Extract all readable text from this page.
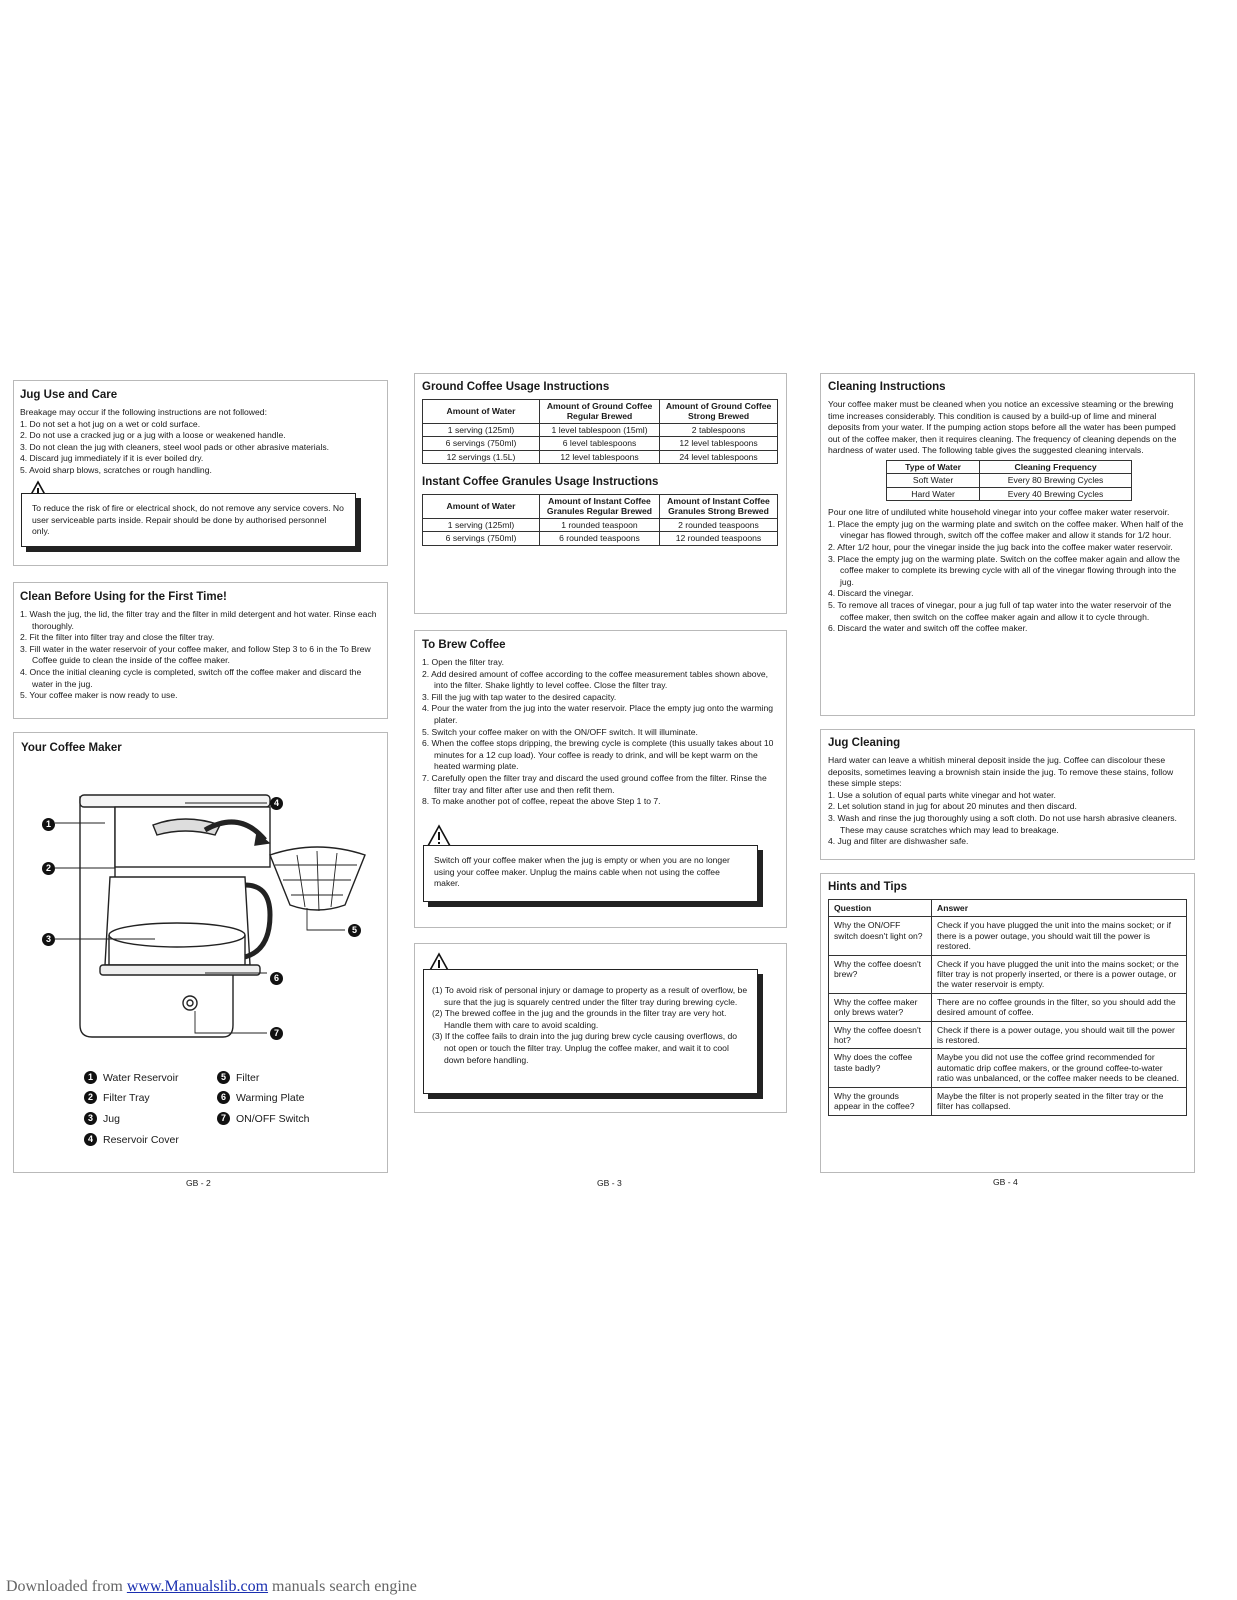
Jug Use and Care

Breakage may occur if the following instructions are not followed:

1. Do not set a hot jug on a wet or cold surface.
2. Do not use a cracked jug or a jug with a loose or weakened handle.
3. Do not clean the jug with cleaners, steel wool pads or other abrasive materials.
4. Discard jug immediately if it is ever boiled dry.
5. Avoid sharp blows, scratches or rough handling.
To reduce the risk of fire or electrical shock, do not remove any service covers. No user serviceable parts inside. Repair should be done by authorised personnel only.
Clean Before Using for the First Time!
1. Wash the jug, the lid, the filter tray and the filter in mild detergent and hot water. Rinse each thoroughly.
2. Fit the filter into filter tray and close the filter tray.
3. Fill water in the water reservoir of your coffee maker, and follow Step 3 to 6 in the To Brew Coffee guide to clean the inside of the coffee maker.
4. Once the initial cleaning cycle is completed, switch off the coffee maker and discard the water in the jug.
5. Your coffee maker is now ready to use.
Your Coffee Maker
1
2
3
4
5
6
7
1 Water Reservoir
2 Filter Tray
3 Jug
4 Reservoir Cover
5 Filter
6 Warming Plate
7 ON/OFF Switch
GB - 2
Ground Coffee Usage Instructions
Amount of Water	Amount of Ground Coffee Regular Brewed	Amount of Ground Coffee Strong Brewed
1 serving (125ml)	1 level tablespoon (15ml)	2 tablespoons
6 servings (750ml)	6 level tablespoons	12 level tablespoons
12 servings (1.5L)	12 level tablespoons	24 level tablespoons
Instant Coffee Granules Usage Instructions
Amount of Water	Amount of Instant Coffee Granules Regular Brewed	Amount of Instant Coffee Granules Strong Brewed
1 serving (125ml)	1 rounded teaspoon	2 rounded teaspoons
6 servings (750ml)	6 rounded teaspoons	12 rounded teaspoons
To Brew Coffee
1. Open the filter tray.
2. Add desired amount of coffee according to the coffee measurement tables shown above, into the filter. Shake lightly to level coffee. Close the filter tray.
3. Fill the jug with tap water to the desired capacity.
4. Pour the water from the jug into the water reservoir. Place the empty jug onto the warming plater.
5. Switch your coffee maker on with the ON/OFF switch. It will illuminate.
6. When the coffee stops dripping, the brewing cycle is complete (this usually takes about 10 minutes for a 12 cup load). Your coffee is ready to drink, and will be kept warm on the heated warming plate.
7. Carefully open the filter tray and discard the used ground coffee from the filter. Rinse the filter tray and filter after use and then refit them.
8. To make another pot of coffee, repeat the above Step 1 to 7.
Switch off your coffee maker when the jug is empty or when you are no longer using your coffee maker. Unplug the mains cable when not using the coffee maker.
(1) To avoid risk of personal injury or damage to property as a result of overflow, be sure that the jug is squarely centred under the filter tray during brewing cycle.
(2) The brewed coffee in the jug and the grounds in the filter tray are very hot. Handle them with care to avoid scalding.
(3) If the coffee fails to drain into the jug during brew cycle causing overflows, do not open or touch the filter tray. Unplug the coffee maker, and wait it to cool down before handling.
GB - 3
Cleaning Instructions

Your coffee maker must be cleaned when you notice an excessive steaming or the brewing time increases considerably. This condition is caused by a build-up of lime and mineral deposits from your water. If the pumping action stops before all the water has been pumped out of the coffee maker, then it requires cleaning. The frequency of cleaning depends on the hardness of water used. The following table gives the suggested cleaning intervals.

Type of Water	Cleaning Frequency
Soft Water	Every 80 Brewing Cycles
Hard Water	Every 40 Brewing Cycles

Pour one litre of undiluted white household vinegar into your coffee maker water reservoir.

1. Place the empty jug on the warming plate and switch on the coffee maker. When half of the vinegar has flowed through, switch off the coffee maker and allow it stands for 1/2 hour.
2. After 1/2 hour, pour the vinegar inside the jug back into the coffee maker water reservoir.
3. Place the empty jug on the warming plate. Switch on the coffee maker again and allow the coffee maker to complete its brewing cycle with all of the vinegar flowing through into the jug.
4. Discard the vinegar.
5. To remove all traces of vinegar, pour a jug full of tap water into the water reservoir of the coffee maker, then switch on the coffee maker again and allow it to cycle through.
6. Discard the water and switch off the coffee maker.
Jug Cleaning

Hard water can leave a whitish mineral deposit inside the jug. Coffee can discolour these deposits, sometimes leaving a brownish stain inside the jug. To remove these stains, follow these simple steps:

1. Use a solution of equal parts white vinegar and hot water.
2. Let solution stand in jug for about 20 minutes and then discard.
3. Wash and rinse the jug thoroughly using a soft cloth. Do not use harsh abrasive cleaners. These may cause scratches which may lead to breakage.
4. Jug and filter are dishwasher safe.
Hints and Tips
Question	Answer
Why the ON/OFF switch doesn't light on?	Check if you have plugged the unit into the mains socket; or if there is a power outage, you should wait till the power is restored.
Why the coffee doesn't brew?	Check if you have plugged the unit into the mains socket; or the filter tray is not properly inserted, or there is a power outage, or the water reservoir is empty.
Why the coffee maker only brews water?	There are no coffee grounds in the filter, so you should add the desired amount of coffee.
Why the coffee doesn't hot?	Check if there is a power outage, you should wait till the power is restored.
Why does the coffee taste badly?	Maybe you did not use the coffee grind recommended for automatic drip coffee makers, or the ground coffee-to-water ratio was unbalanced, or the coffee maker needs to be cleaned.
Why the grounds appear in the coffee?	Maybe the filter is not properly seated in the filter tray or the filter has collapsed.
GB - 4
Downloaded from www.Manualslib.com manuals search engine
